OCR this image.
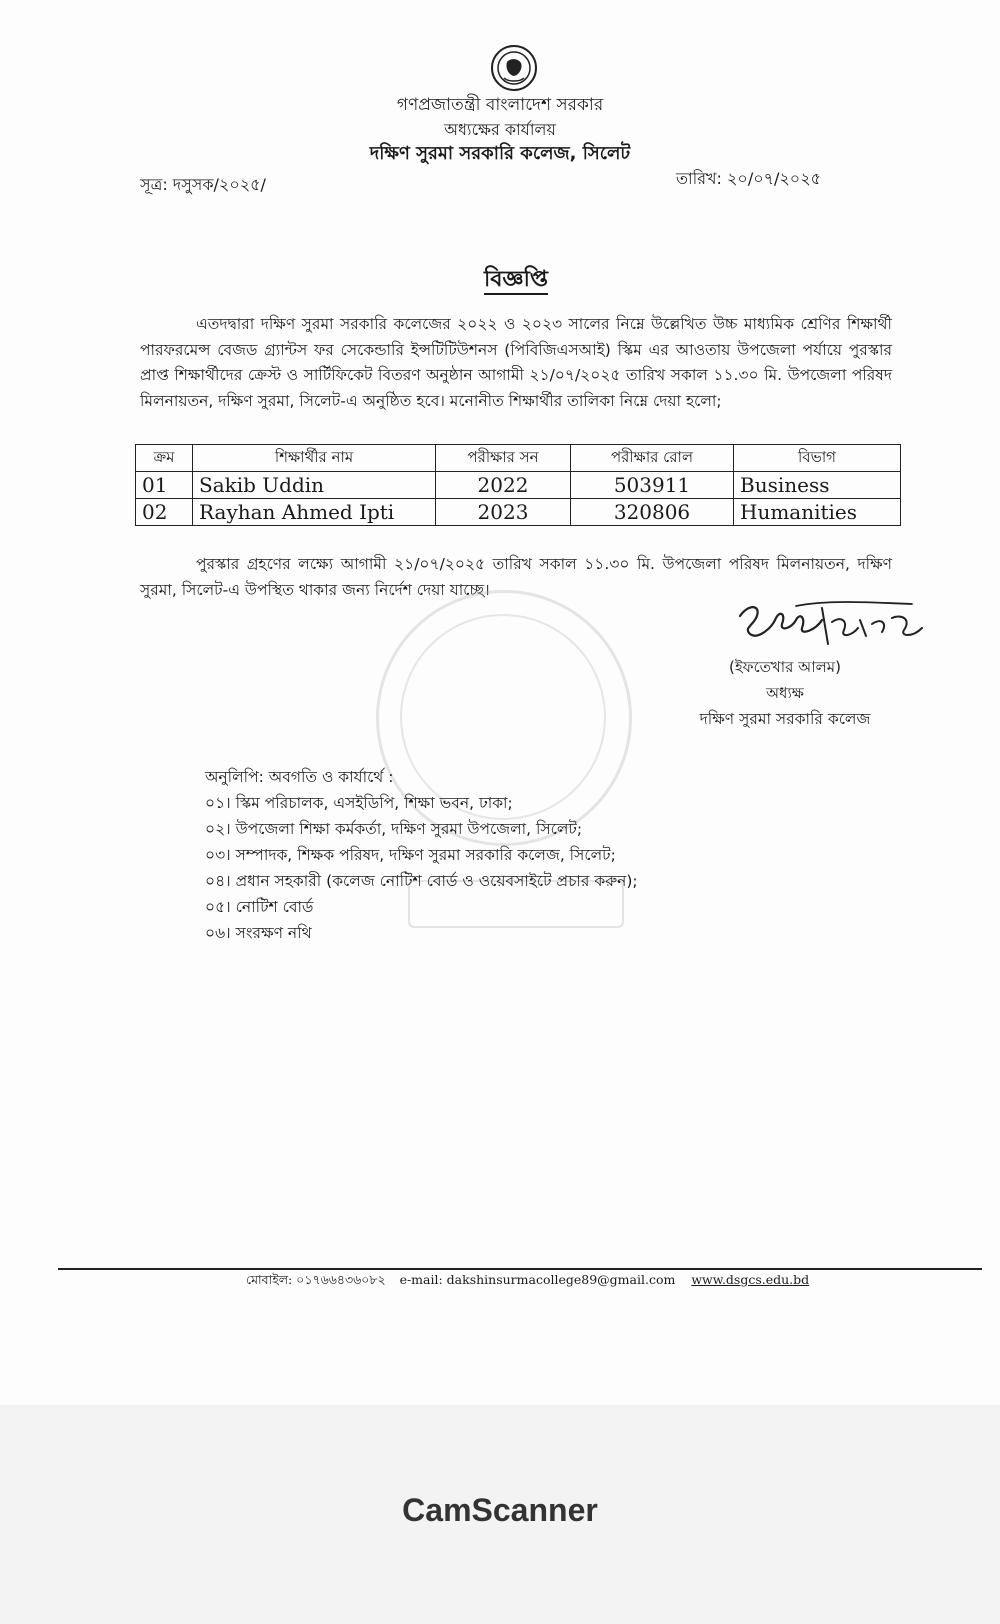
গণপ্রজাতন্ত্রী বাংলাদেশ সরকার
অধ্যক্ষের কার্যালয়
দক্ষিণ সুরমা সরকারি কলেজ, সিলেট
সূত্র: দসুসক/২০২৫/	তারিখ: ২০/০৭/২০২৫
বিজ্ঞপ্তি
এতদদ্বারা দক্ষিণ সুরমা সরকারি কলেজের ২০২২ ও ২০২৩ সালের নিম্নে উল্লেখিত উচ্চ মাধ্যমিক শ্রেণির শিক্ষার্থী পারফরমেন্স বেজড গ্র্যান্টস ফর সেকেন্ডারি ইন্সটিটিউশনস (পিবিজিএসআই) স্কিম এর আওতায় উপজেলা পর্যায়ে পুরস্কার প্রাপ্ত শিক্ষার্থীদের ক্রেস্ট ও সার্টিফিকেট বিতরণ অনুষ্ঠান আগামী ২১/০৭/২০২৫ তারিখ সকাল ১১.৩০ মি. উপজেলা পরিষদ মিলনায়তন, দক্ষিণ সুরমা, সিলেট-এ অনুষ্ঠিত হবে। মনোনীত শিক্ষার্থীর তালিকা নিম্নে দেয়া হলো;
ক্রম	শিক্ষার্থীর নাম	পরীক্ষার সন	পরীক্ষার রোল	বিভাগ
01	Sakib Uddin	2022	503911	Business
02	Rayhan Ahmed Ipti	2023	320806	Humanities
পুরস্কার গ্রহণের লক্ষ্যে আগামী ২১/০৭/২০২৫ তারিখ সকাল ১১.৩০ মি. উপজেলা পরিষদ মিলনায়তন, দক্ষিণ সুরমা, সিলেট-এ উপস্থিত থাকার জন্য নির্দেশ দেয়া যাচ্ছে।
(ইফতেখার আলম)
অধ্যক্ষ
দক্ষিণ সুরমা সরকারি কলেজ
অনুলিপি: অবগতি ও কার্যার্থে :
০১। স্কিম পরিচালক, এসইডিপি, শিক্ষা ভবন, ঢাকা;
০২। উপজেলা শিক্ষা কর্মকর্তা, দক্ষিণ সুরমা উপজেলা, সিলেট;
০৩। সম্পাদক, শিক্ষক পরিষদ, দক্ষিণ সুরমা সরকারি কলেজ, সিলেট;
০৪। প্রধান সহকারী (কলেজ নোটিশ বোর্ড ও ওয়েবসাইটে প্রচার করুন);
০৫। নোটিশ বোর্ড
০৬। সংরক্ষণ নথি
মোবাইল: ০১৭৬৬৪৩৬০৮২ e-mail: dakshinsurmacollege89@gmail.com www.dsgcs.edu.bd
CamScanner
